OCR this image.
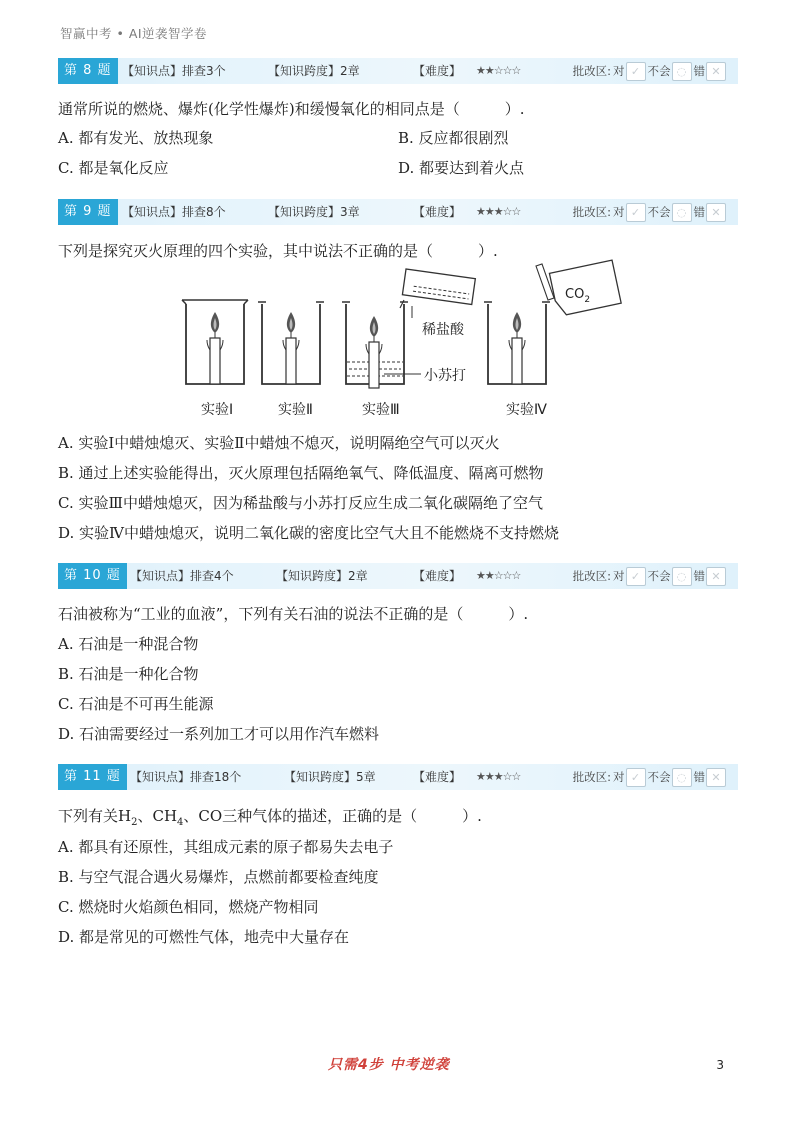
智赢中考 • AI逆袭智学卷
第 8 题 【知识点】排查3个	【知识跨度】2章	【难度】 ★★☆☆☆	批改区: 对 ✓ 不会 ◌ 错 ✕
通常所说的燃烧、爆炸(化学性爆炸)和缓慢氧化的相同点是（　　　）.
A. 都有发光、放热现象	B. 反应都很剧烈
C. 都是氧化反应	D. 都要达到着火点
第 9 题 【知识点】排查8个	【知识跨度】3章	【难度】 ★★★☆☆	批改区: 对 ✓ 不会 ◌ 错 ✕
下列是探究灭火原理的四个实验，其中说法不正确的是（　　　）.
稀盐酸
小苏打
$CO_2$
实验Ⅰ	实验Ⅱ	实验Ⅲ	实验Ⅳ
A. 实验Ⅰ中蜡烛熄灭、实验Ⅱ中蜡烛不熄灭，说明隔绝空气可以灭火
B. 通过上述实验能得出，灭火原理包括隔绝氧气、降低温度、隔离可燃物
C. 实验Ⅲ中蜡烛熄灭，因为稀盐酸与小苏打反应生成二氧化碳隔绝了空气
D. 实验Ⅳ中蜡烛熄灭，说明二氧化碳的密度比空气大且不能燃烧不支持燃烧
第 10 题 【知识点】排查4个	【知识跨度】2章	【难度】 ★★☆☆☆	批改区: 对 ✓ 不会 ◌ 错 ✕
石油被称为“工业的血液”，下列有关石油的说法不正确的是（　　　）.
A. 石油是一种混合物
B. 石油是一种化合物
C. 石油是不可再生能源
D. 石油需要经过一系列加工才可以用作汽车燃料
第 11 题 【知识点】排查18个	【知识跨度】5章	【难度】 ★★★☆☆	批改区: 对 ✓ 不会 ◌ 错 ✕
下列有关$H_2$、$CH_4$、CO三种气体的描述，正确的是（　　　）.
A. 都具有还原性，其组成元素的原子都易失去电子
B. 与空气混合遇火易爆炸，点燃前都要检查纯度
C. 燃烧时火焰颜色相同，燃烧产物相同
D. 都是常见的可燃性气体，地壳中大量存在
只需4步 中考逆袭	3
